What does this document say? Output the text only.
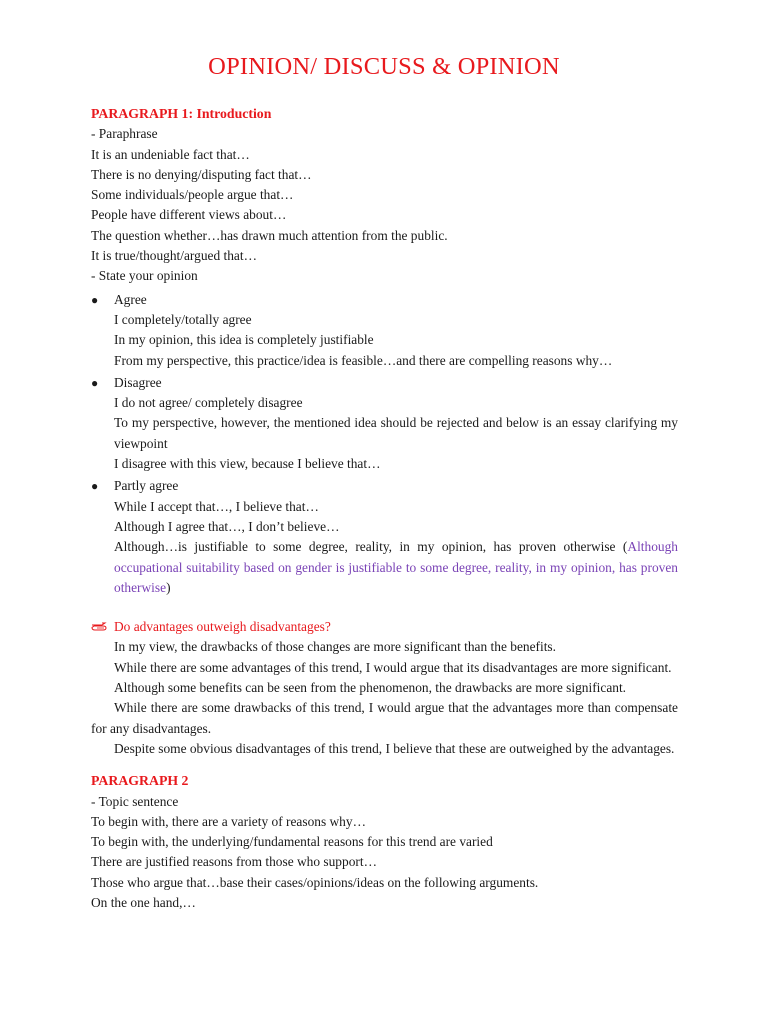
OPINION/ DISCUSS & OPINION
PARAGRAPH 1: Introduction
- Paraphrase
It is an undeniable fact that…
There is no denying/disputing fact that…
Some individuals/people argue that…
People have different views about…
The question whether…has drawn much attention from the public.
It is true/thought/argued that…
- State your opinion
● Agree
I completely/totally agree
In my opinion, this idea is completely justifiable
From my perspective, this practice/idea is feasible…and there are compelling reasons why…
● Disagree
I do not agree/ completely disagree
To my perspective, however, the mentioned idea should be rejected and below is an essay clarifying my viewpoint
I disagree with this view, because I believe that…
● Partly agree
While I accept that…, I believe that…
Although I agree that…, I don’t believe…
Although…is justifiable to some degree, reality, in my opinion, has proven otherwise (Although occupational suitability based on gender is justifiable to some degree, reality, in my opinion, has proven otherwise)
Do advantages outweigh disadvantages?
In my view, the drawbacks of those changes are more significant than the benefits.
While there are some advantages of this trend, I would argue that its disadvantages are more significant.
Although some benefits can be seen from the phenomenon, the drawbacks are more significant.
While there are some drawbacks of this trend, I would argue that the advantages more than compensate for any disadvantages.
Despite some obvious disadvantages of this trend, I believe that these are outweighed by the advantages.
PARAGRAPH 2
- Topic sentence
To begin with, there are a variety of reasons why…
To begin with, the underlying/fundamental reasons for this trend are varied
There are justified reasons from those who support…
Those who argue that…base their cases/opinions/ideas on the following arguments.
On the one hand,…
